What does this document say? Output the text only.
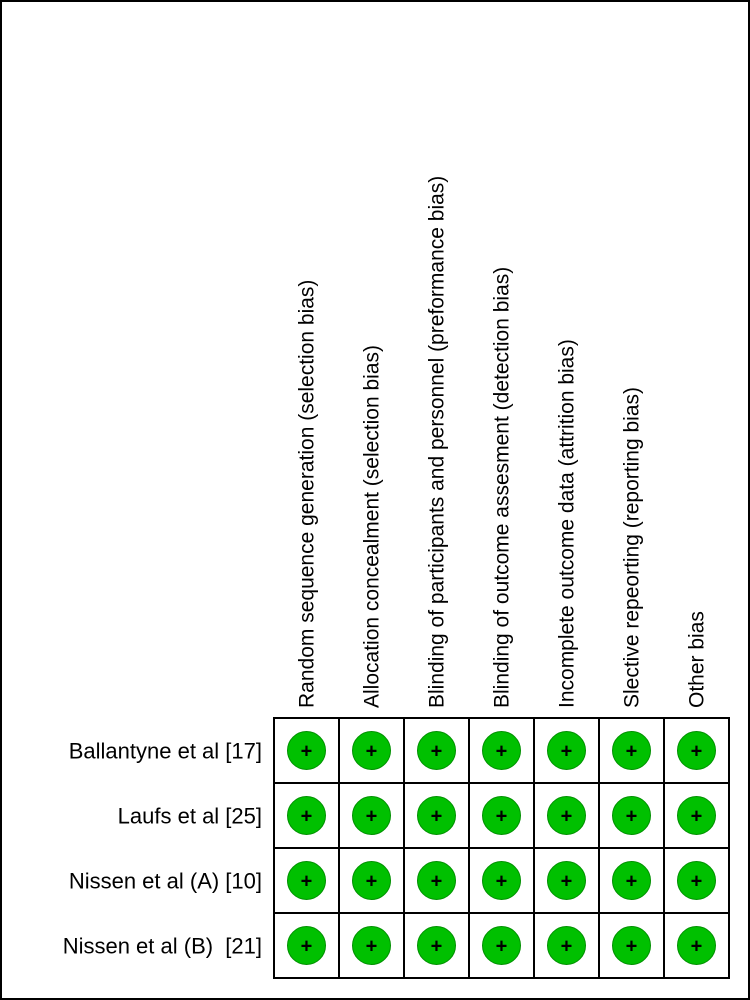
Random sequence generation (selection bias) Allocation concealment (selection bias) Blinding of participants and personnel (preformance bias) Blinding of outcome assesment (detection bias) Incomplete outcome data (attrition bias) Slective repeorting (reporting bias) Other bias
Ballantyne et al [17] +	+	+	+	+	+	+
Laufs et al [25] +	+	+	+	+	+	+
Nissen et al (A) [10] +	+	+	+	+	+	+
Nissen et al (B)  [21] +	+	+	+	+	+	+
